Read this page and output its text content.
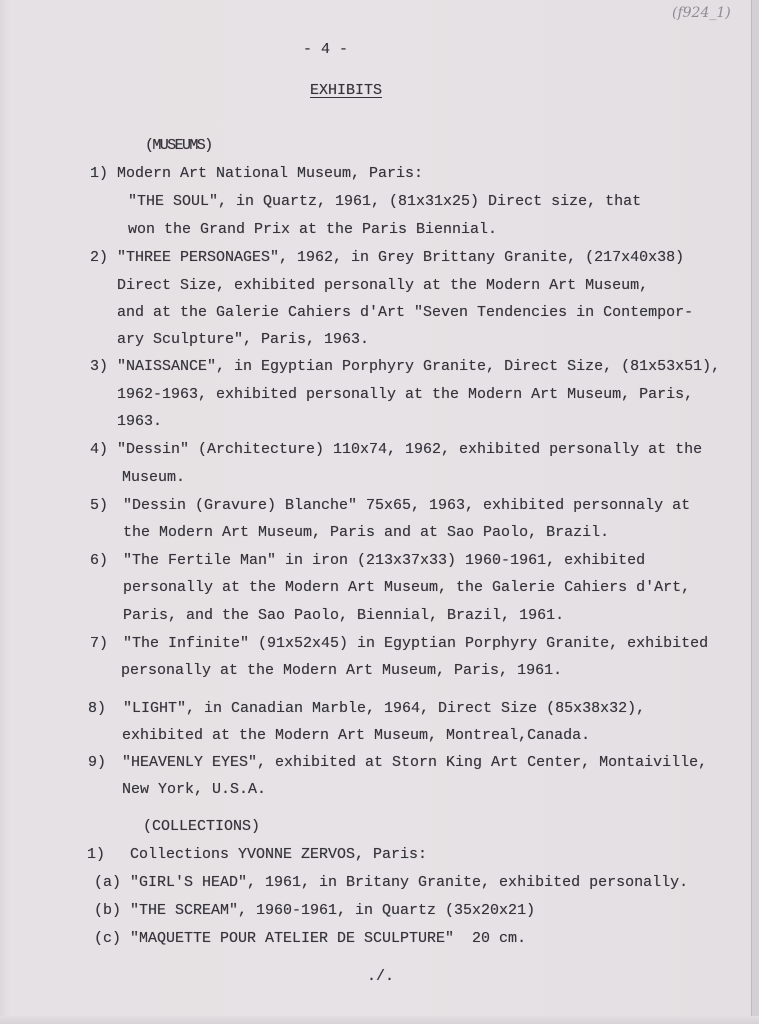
(f924_1)
- 4 -
EXHIBITS
(MUSEUMS)
1) Modern Art National Museum, Paris:
"THE SOUL", in Quartz, 1961, (81x31x25) Direct size, that
won the Grand Prix at the Paris Biennial.
2) "THREE PERSONAGES", 1962, in Grey Brittany Granite, (217x40x38)
Direct Size, exhibited personally at the Modern Art Museum,
and at the Galerie Cahiers d'Art "Seven Tendencies in Contempor-
ary Sculpture", Paris, 1963.
3) "NAISSANCE", in Egyptian Porphyry Granite, Direct Size, (81x53x51),
1962-1963, exhibited personally at the Modern Art Museum, Paris,
1963.
4) "Dessin" (Architecture) 110x74, 1962, exhibited personally at the
Museum.
5) "Dessin (Gravure) Blanche" 75x65, 1963, exhibited personnaly at
the Modern Art Museum, Paris and at Sao Paolo, Brazil.
6) "The Fertile Man" in iron (213x37x33) 1960-1961, exhibited
personally at the Modern Art Museum, the Galerie Cahiers d'Art,
Paris, and the Sao Paolo, Biennial, Brazil, 1961.
7) "The Infinite" (91x52x45) in Egyptian Porphyry Granite, exhibited
personally at the Modern Art Museum, Paris, 1961.
8) "LIGHT", in Canadian Marble, 1964, Direct Size (85x38x32),
exhibited at the Modern Art Museum, Montreal,Canada.
9) "HEAVENLY EYES", exhibited at Storn King Art Center, Montaiville,
New York, U.S.A.
(COLLECTIONS)
1) Collections YVONNE ZERVOS, Paris:
(a) "GIRL'S HEAD", 1961, in Britany Granite, exhibited personally.
(b) "THE SCREAM", 1960-1961, in Quartz (35x20x21)
(c) "MAQUETTE POUR ATELIER DE SCULPTURE"  20 cm.
./.
